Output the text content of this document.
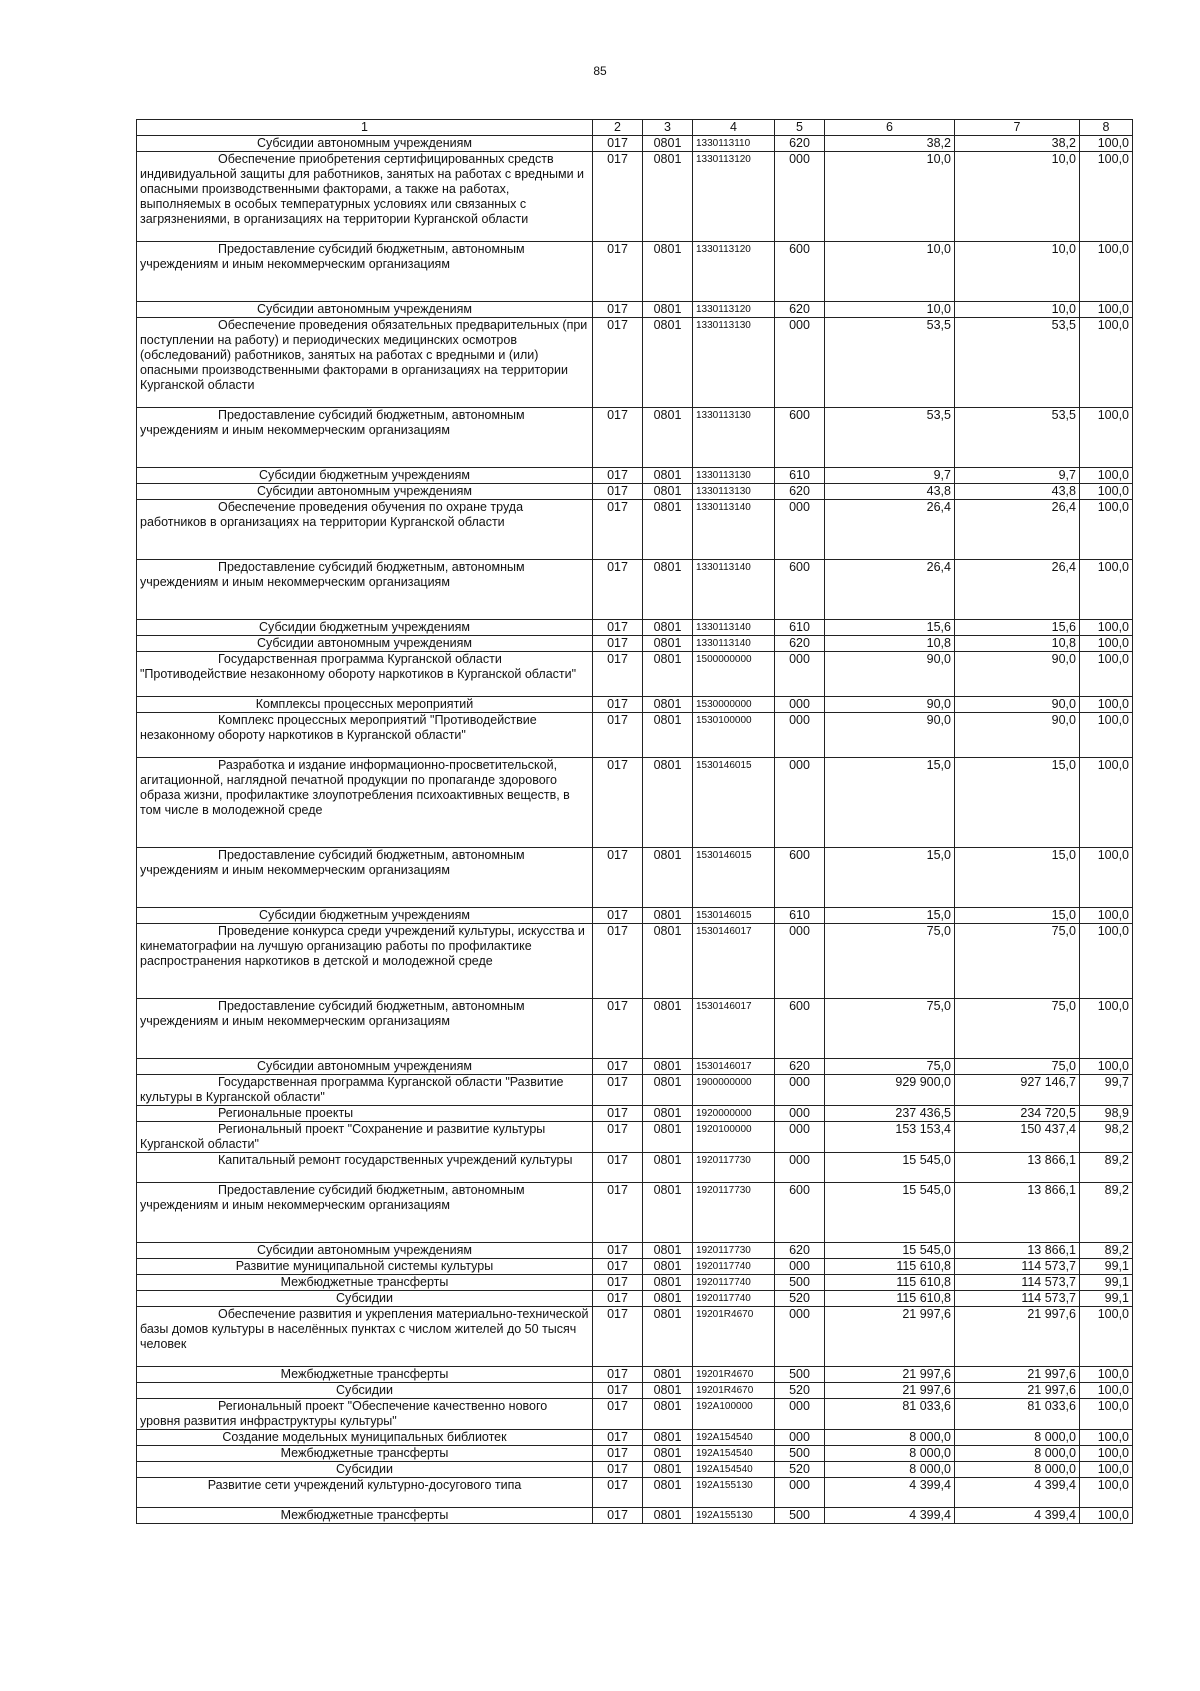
85
1	2	3	4	5	6	7	8
Субсидии автономным учреждениям	017	0801	1330113110	620	38,2	38,2	100,0
Обеспечение приобретения сертифицированных средств индивидуальной защиты для работников, занятых на работах с вредными и опасными производственными факторами, а также на работах, выполняемых в особых температурных условиях или связанных с загрязнениями, в организациях на территории Курганской области	017	0801	1330113120	000	10,0	10,0	100,0
Предоставление субсидий бюджетным, автономным учреждениям и иным некоммерческим организациям	017	0801	1330113120	600	10,0	10,0	100,0
Субсидии автономным учреждениям	017	0801	1330113120	620	10,0	10,0	100,0
Обеспечение проведения обязательных предварительных (при поступлении на работу) и периодических медицинских осмотров (обследований) работников, занятых на работах с вредными и (или) опасными производственными факторами в организациях на территории Курганской области	017	0801	1330113130	000	53,5	53,5	100,0
Предоставление субсидий бюджетным, автономным учреждениям и иным некоммерческим организациям	017	0801	1330113130	600	53,5	53,5	100,0
Субсидии бюджетным учреждениям	017	0801	1330113130	610	9,7	9,7	100,0
Субсидии автономным учреждениям	017	0801	1330113130	620	43,8	43,8	100,0
Обеспечение проведения обучения по охране труда работников в организациях на территории Курганской области	017	0801	1330113140	000	26,4	26,4	100,0
Предоставление субсидий бюджетным, автономным учреждениям и иным некоммерческим организациям	017	0801	1330113140	600	26,4	26,4	100,0
Субсидии бюджетным учреждениям	017	0801	1330113140	610	15,6	15,6	100,0
Субсидии автономным учреждениям	017	0801	1330113140	620	10,8	10,8	100,0
Государственная программа Курганской области "Противодействие незаконному обороту наркотиков в Курганской области"	017	0801	1500000000	000	90,0	90,0	100,0
Комплексы процессных мероприятий	017	0801	1530000000	000	90,0	90,0	100,0
Комплекс процессных мероприятий "Противодействие незаконному обороту наркотиков в Курганской области"	017	0801	1530100000	000	90,0	90,0	100,0
Разработка и издание информационно-просветительской, агитационной, наглядной печатной продукции по пропаганде здорового образа жизни, профилактике злоупотребления психоактивных веществ, в том числе в молодежной среде	017	0801	1530146015	000	15,0	15,0	100,0
Предоставление субсидий бюджетным, автономным учреждениям и иным некоммерческим организациям	017	0801	1530146015	600	15,0	15,0	100,0
Субсидии бюджетным учреждениям	017	0801	1530146015	610	15,0	15,0	100,0
Проведение конкурса среди учреждений культуры, искусства и кинематографии на лучшую организацию работы по профилактике распространения наркотиков в детской и молодежной среде	017	0801	1530146017	000	75,0	75,0	100,0
Предоставление субсидий бюджетным, автономным учреждениям и иным некоммерческим организациям	017	0801	1530146017	600	75,0	75,0	100,0
Субсидии автономным учреждениям	017	0801	1530146017	620	75,0	75,0	100,0
Государственная программа Курганской области "Развитие культуры в Курганской области"	017	0801	1900000000	000	929 900,0	927 146,7	99,7
Региональные проекты	017	0801	1920000000	000	237 436,5	234 720,5	98,9
Региональный проект "Сохранение и развитие культуры Курганской области"	017	0801	1920100000	000	153 153,4	150 437,4	98,2
Капитальный ремонт государственных учреждений культуры	017	0801	1920117730	000	15 545,0	13 866,1	89,2
Предоставление субсидий бюджетным, автономным учреждениям и иным некоммерческим организациям	017	0801	1920117730	600	15 545,0	13 866,1	89,2
Субсидии автономным учреждениям	017	0801	1920117730	620	15 545,0	13 866,1	89,2
Развитие муниципальной системы культуры	017	0801	1920117740	000	115 610,8	114 573,7	99,1
Межбюджетные трансферты	017	0801	1920117740	500	115 610,8	114 573,7	99,1
Субсидии	017	0801	1920117740	520	115 610,8	114 573,7	99,1
Обеспечение развития и укрепления материально-технической базы домов культуры в населённых пунктах с числом жителей до 50 тысяч человек	017	0801	19201R4670	000	21 997,6	21 997,6	100,0
Межбюджетные трансферты	017	0801	19201R4670	500	21 997,6	21 997,6	100,0
Субсидии	017	0801	19201R4670	520	21 997,6	21 997,6	100,0
Региональный проект "Обеспечение качественно нового уровня развития инфраструктуры культуры"	017	0801	192A100000	000	81 033,6	81 033,6	100,0
Создание модельных муниципальных библиотек	017	0801	192A154540	000	8 000,0	8 000,0	100,0
Межбюджетные трансферты	017	0801	192A154540	500	8 000,0	8 000,0	100,0
Субсидии	017	0801	192A154540	520	8 000,0	8 000,0	100,0
Развитие сети учреждений культурно-досугового типа	017	0801	192A155130	000	4 399,4	4 399,4	100,0
Межбюджетные трансферты	017	0801	192A155130	500	4 399,4	4 399,4	100,0
